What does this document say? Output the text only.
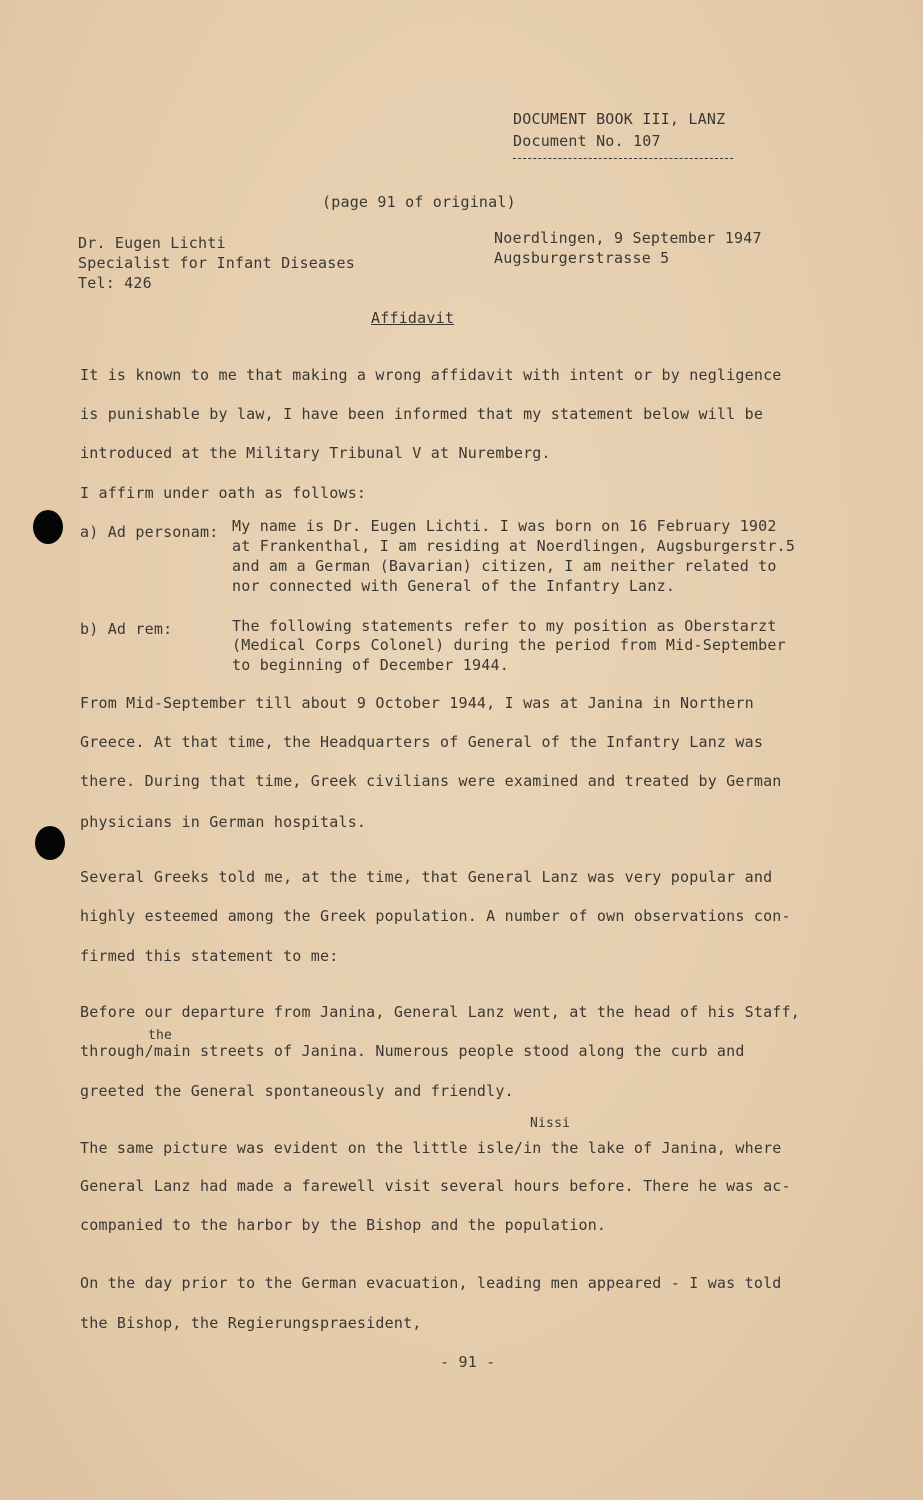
DOCUMENT BOOK III, LANZ
Document No. 107
(page 91 of original)
Dr. Eugen Lichti
Specialist for Infant Diseases
Tel: 426
Noerdlingen, 9 September 1947
Augsburgerstrasse 5
Affidavit
It is known to me that making a wrong affidavit with intent or by negligence
is punishable by law, I have been informed that my statement below will be
introduced at the Military Tribunal V at Nuremberg.
I affirm under oath as follows:
a) Ad personam: My name is Dr. Eugen Lichti. I was born on 16 February 1902
at Frankenthal, I am residing at Noerdlingen, Augsburgerstr.5
and am a German (Bavarian) citizen, I am neither related to
nor connected with General of the Infantry Lanz.
b) Ad rem:	The following statements refer to my position as Oberstarzt
(Medical Corps Colonel) during the period from Mid-September
to beginning of December 1944.
From Mid-September till about 9 October 1944, I was at Janina in Northern
Greece. At that time, the Headquarters of General of the Infantry Lanz was
there. During that time, Greek civilians were examined and treated by German
physicians in German hospitals.
Several Greeks told me, at the time, that General Lanz was very popular and
highly esteemed among the Greek population. A number of own observations con-
firmed this statement to me:
Before our departure from Janina, General Lanz went, at the head of his Staff,
the
through/main streets of Janina. Numerous people stood along the curb and
greeted the General spontaneously and friendly.
Nissi
The same picture was evident on the little isle/in the lake of Janina, where
General Lanz had made a farewell visit several hours before. There he was ac-
companied to the harbor by the Bishop and the population.
On the day prior to the German evacuation, leading men appeared - I was told
the Bishop, the Regierungspraesident,
- 91 -
